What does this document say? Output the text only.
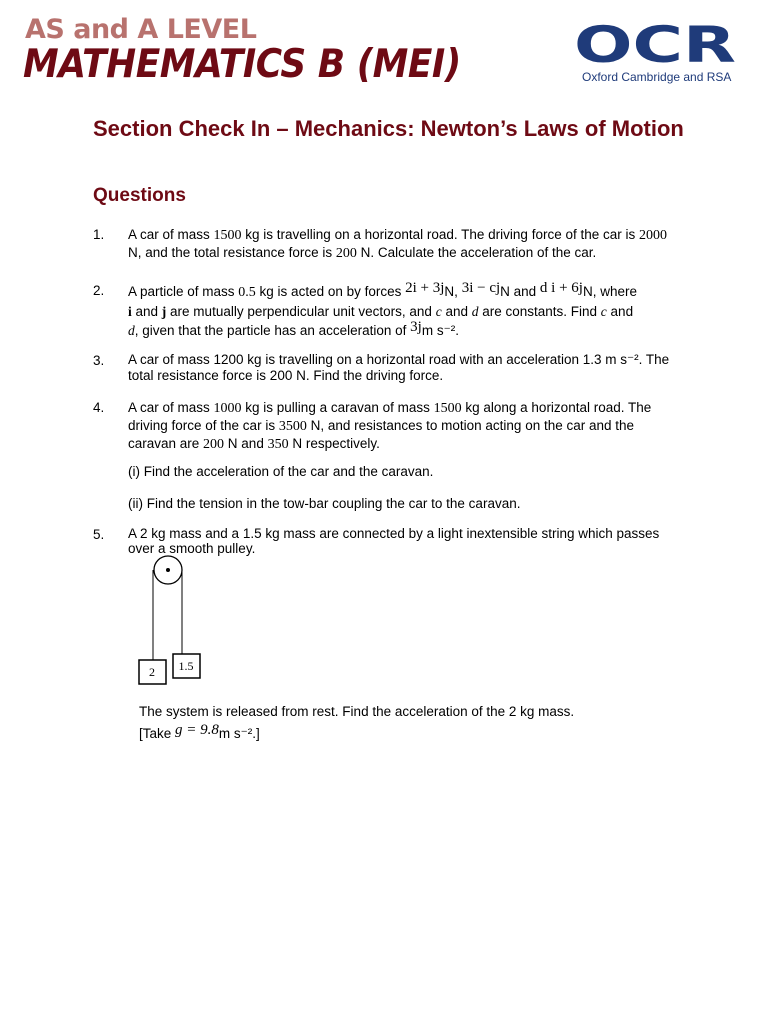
AS and A LEVEL
MATHEMATICS B (MEI) OCR
Oxford Cambridge and RSA
Section Check In – Mechanics: Newton’s Laws of Motion
Questions
1. A car of mass 1500 kg is travelling on a horizontal road. The driving force of the car is 2000 N, and the total resistance force is 200 N. Calculate the acceleration of the car.
2. A particle of mass 0.5 kg is acted on by forces 2i + 3jN, 3i − cjN and d i + 6jN, where
i and j are mutually perpendicular unit vectors, and c and d are constants. Find c and
d, given that the particle has an acceleration of 3jm s⁻².
3. A car of mass 1200 kg is travelling on a horizontal road with an acceleration 1.3 m s⁻². The total resistance force is 200 N. Find the driving force.
4. A car of mass 1000 kg is pulling a caravan of mass 1500 kg along a horizontal road. The driving force of the car is 3500 N, and resistances to motion acting on the car and the caravan are 200 N and 350 N respectively.
(i) Find the acceleration of the car and the caravan.
(ii) Find the tension in the tow-bar coupling the car to the caravan.
5. A 2 kg mass and a 1.5 kg mass are connected by a light inextensible string which passes over a smooth pulley.
2 1.5
The system is released from rest. Find the acceleration of the 2 kg mass.
[Take g = 9.8m s⁻².]
